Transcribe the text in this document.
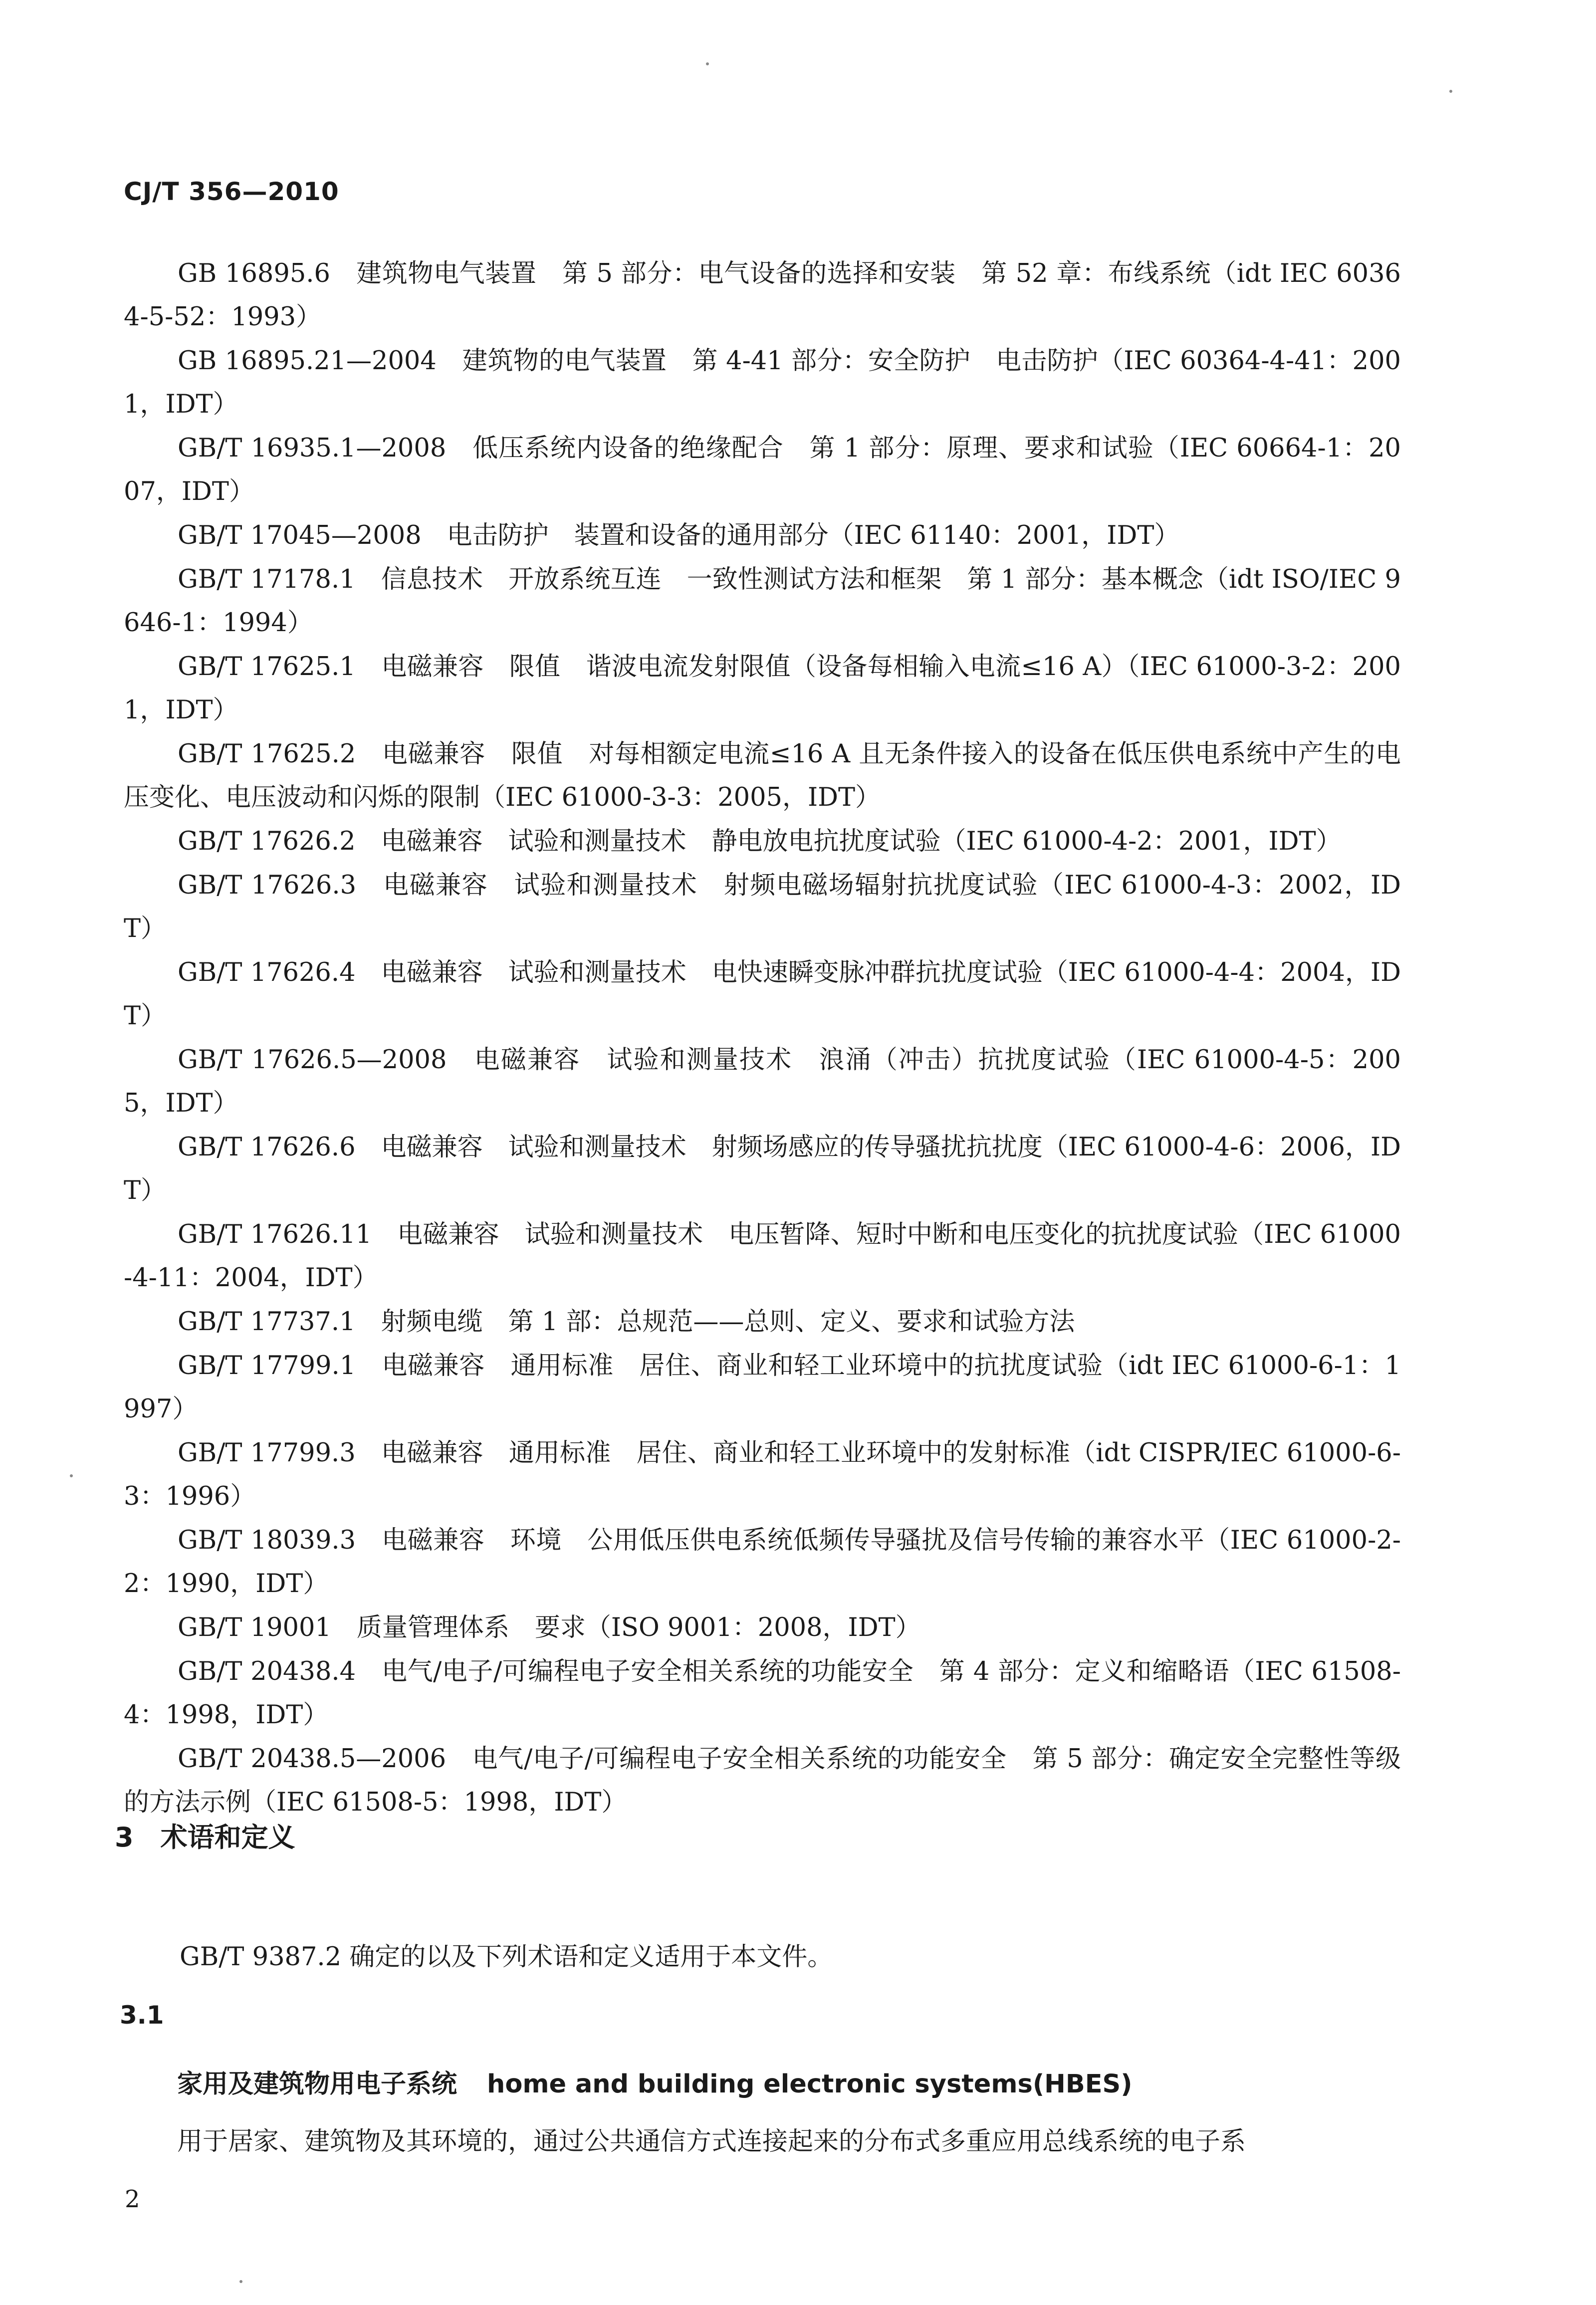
CJ/T 356—2010

GB 16895.6　建筑物电气装置　第 5 部分：电气设备的选择和安装　第 52 章：布线系统（idt IEC 60364-5-52：1993）

GB 16895.21—2004　建筑物的电气装置　第 4-41 部分：安全防护　电击防护（IEC 60364-4-41：2001，IDT）

GB/T 16935.1—2008　低压系统内设备的绝缘配合　第 1 部分：原理、要求和试验（IEC 60664-1：2007，IDT）

GB/T 17045—2008　电击防护　装置和设备的通用部分（IEC 61140：2001，IDT）

GB/T 17178.1　信息技术　开放系统互连　一致性测试方法和框架　第 1 部分：基本概念（idt ISO/IEC 9646-1：1994）

GB/T 17625.1　电磁兼容　限值　谐波电流发射限值（设备每相输入电流≤16 A）（IEC 61000-3-2：2001，IDT）

GB/T 17625.2　电磁兼容　限值　对每相额定电流≤16 A 且无条件接入的设备在低压供电系统中产生的电压变化、电压波动和闪烁的限制（IEC 61000-3-3：2005，IDT）

GB/T 17626.2　电磁兼容　试验和测量技术　静电放电抗扰度试验（IEC 61000-4-2：2001，IDT）

GB/T 17626.3　电磁兼容　试验和测量技术　射频电磁场辐射抗扰度试验（IEC 61000-4-3：2002，IDT）

GB/T 17626.4　电磁兼容　试验和测量技术　电快速瞬变脉冲群抗扰度试验（IEC 61000-4-4：2004，IDT）

GB/T 17626.5—2008　电磁兼容　试验和测量技术　浪涌（冲击）抗扰度试验（IEC 61000-4-5：2005，IDT）

GB/T 17626.6　电磁兼容　试验和测量技术　射频场感应的传导骚扰抗扰度（IEC 61000-4-6：2006，IDT）

GB/T 17626.11　电磁兼容　试验和测量技术　电压暂降、短时中断和电压变化的抗扰度试验（IEC 61000-4-11：2004，IDT）

GB/T 17737.1　射频电缆　第 1 部：总规范——总则、定义、要求和试验方法

GB/T 17799.1　电磁兼容　通用标准　居住、商业和轻工业环境中的抗扰度试验（idt IEC 61000-6-1：1997）

GB/T 17799.3　电磁兼容　通用标准　居住、商业和轻工业环境中的发射标准（idt CISPR/IEC 61000-6-3：1996）

GB/T 18039.3　电磁兼容　环境　公用低压供电系统低频传导骚扰及信号传输的兼容水平（IEC 61000-2-2：1990，IDT）

GB/T 19001　质量管理体系　要求（ISO 9001：2008，IDT）

GB/T 20438.4　电气/电子/可编程电子安全相关系统的功能安全　第 4 部分：定义和缩略语（IEC 61508-4：1998，IDT）

GB/T 20438.5—2006　电气/电子/可编程电子安全相关系统的功能安全　第 5 部分：确定安全完整性等级的方法示例（IEC 61508-5：1998，IDT）

3　术语和定义
GB/T 9387.2 确定的以及下列术语和定义适用于本文件。
3.1
家用及建筑物用电子系统 home and building electronic systems(HBES)
用于居家、建筑物及其环境的，通过公共通信方式连接起来的分布式多重应用总线系统的电子系
2
